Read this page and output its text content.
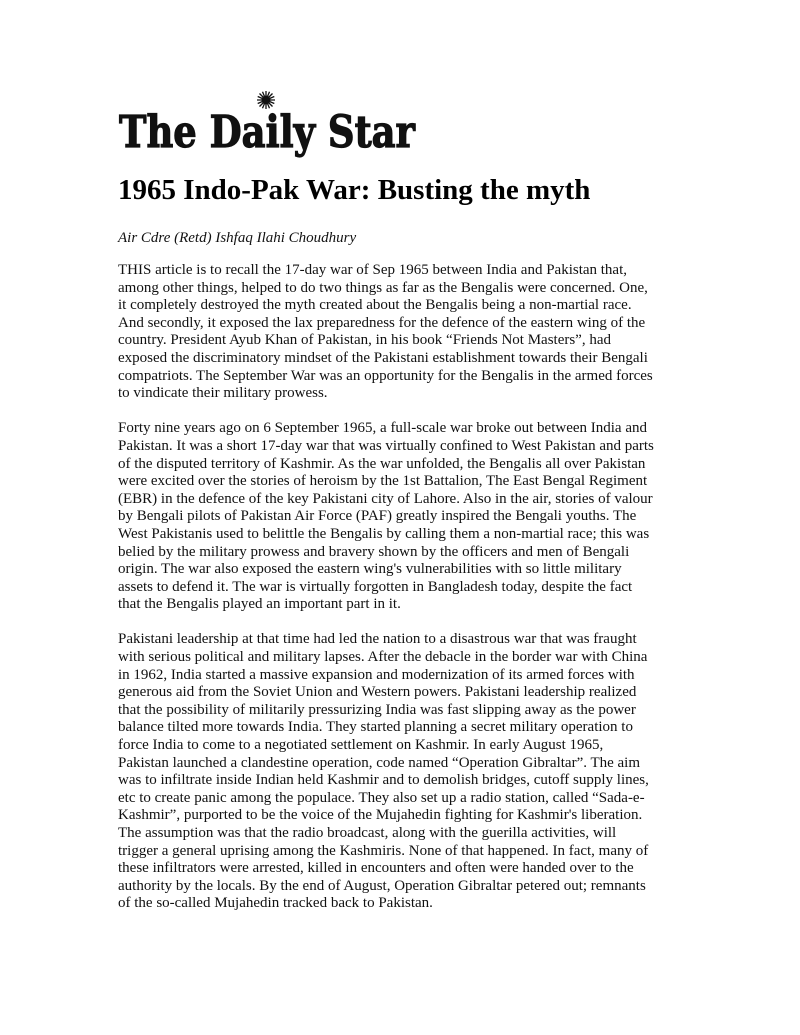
The Daily Star
1965 Indo-Pak War: Busting the myth

Air Cdre (Retd) Ishfaq Ilahi Choudhury

THIS article is to recall the 17-day war of Sep 1965 between India and Pakistan that,
among other things, helped to do two things as far as the Bengalis were concerned. One,
it completely destroyed the myth created about the Bengalis being a non-martial race.
And secondly, it exposed the lax preparedness for the defence of the eastern wing of the
country. President Ayub Khan of Pakistan, in his book “Friends Not Masters”, had
exposed the discriminatory mindset of the Pakistani establishment towards their Bengali
compatriots. The September War was an opportunity for the Bengalis in the armed forces
to vindicate their military prowess.

Forty nine years ago on 6 September 1965, a full-scale war broke out between India and
Pakistan. It was a short 17-day war that was virtually confined to West Pakistan and parts
of the disputed territory of Kashmir. As the war unfolded, the Bengalis all over Pakistan
were excited over the stories of heroism by the 1st Battalion, The East Bengal Regiment
(EBR) in the defence of the key Pakistani city of Lahore. Also in the air, stories of valour
by Bengali pilots of Pakistan Air Force (PAF) greatly inspired the Bengali youths. The
West Pakistanis used to belittle the Bengalis by calling them a non-martial race; this was
belied by the military prowess and bravery shown by the officers and men of Bengali
origin. The war also exposed the eastern wing's vulnerabilities with so little military
assets to defend it. The war is virtually forgotten in Bangladesh today, despite the fact
that the Bengalis played an important part in it.

Pakistani leadership at that time had led the nation to a disastrous war that was fraught
with serious political and military lapses. After the debacle in the border war with China
in 1962, India started a massive expansion and modernization of its armed forces with
generous aid from the Soviet Union and Western powers. Pakistani leadership realized
that the possibility of militarily pressurizing India was fast slipping away as the power
balance tilted more towards India. They started planning a secret military operation to
force India to come to a negotiated settlement on Kashmir. In early August 1965,
Pakistan launched a clandestine operation, code named “Operation Gibraltar”. The aim
was to infiltrate inside Indian held Kashmir and to demolish bridges, cutoff supply lines,
etc to create panic among the populace. They also set up a radio station, called “Sada-e-
Kashmir”, purported to be the voice of the Mujahedin fighting for Kashmir's liberation.
The assumption was that the radio broadcast, along with the guerilla activities, will
trigger a general uprising among the Kashmiris. None of that happened. In fact, many of
these infiltrators were arrested, killed in encounters and often were handed over to the
authority by the locals. By the end of August, Operation Gibraltar petered out; remnants
of the so-called Mujahedin tracked back to Pakistan.
